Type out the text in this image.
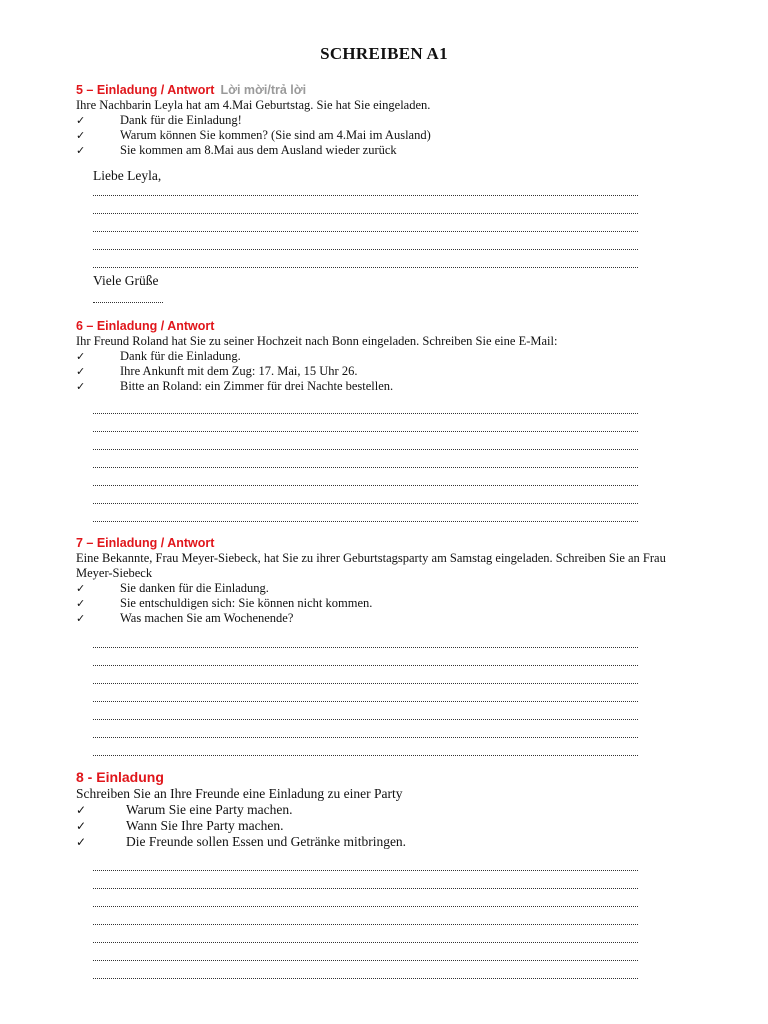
SCHREIBEN A1
5 – Einladung / Antwort Lời mời/trả lời
Ihre Nachbarin Leyla hat am 4.Mai Geburtstag. Sie hat Sie eingeladen.
✓	Dank für die Einladung!
✓	Warum können Sie kommen? (Sie sind am 4.Mai im Ausland)
✓	Sie kommen am 8.Mai aus dem Ausland wieder zurück
Liebe Leyla,
Viele Grüße
6 – Einladung / Antwort
Ihr Freund Roland hat Sie zu seiner Hochzeit nach Bonn eingeladen. Schreiben Sie eine E-Mail:
✓	Dank für die Einladung.
✓	Ihre Ankunft mit dem Zug: 17. Mai, 15 Uhr 26.
✓	Bitte an Roland: ein Zimmer für drei Nachte bestellen.
7 – Einladung / Antwort
Eine Bekannte, Frau Meyer-Siebeck, hat Sie zu ihrer Geburtstagsparty am Samstag eingeladen. Schreiben Sie an Frau Meyer-Siebeck
✓	Sie danken für die Einladung.
✓	Sie entschuldigen sich: Sie können nicht kommen.
✓	Was machen Sie am Wochenende?
8 - Einladung
Schreiben Sie an Ihre Freunde eine Einladung zu einer Party
✓	Warum Sie eine Party machen.
✓	Wann Sie Ihre Party machen.
✓	Die Freunde sollen Essen und Getränke mitbringen.
